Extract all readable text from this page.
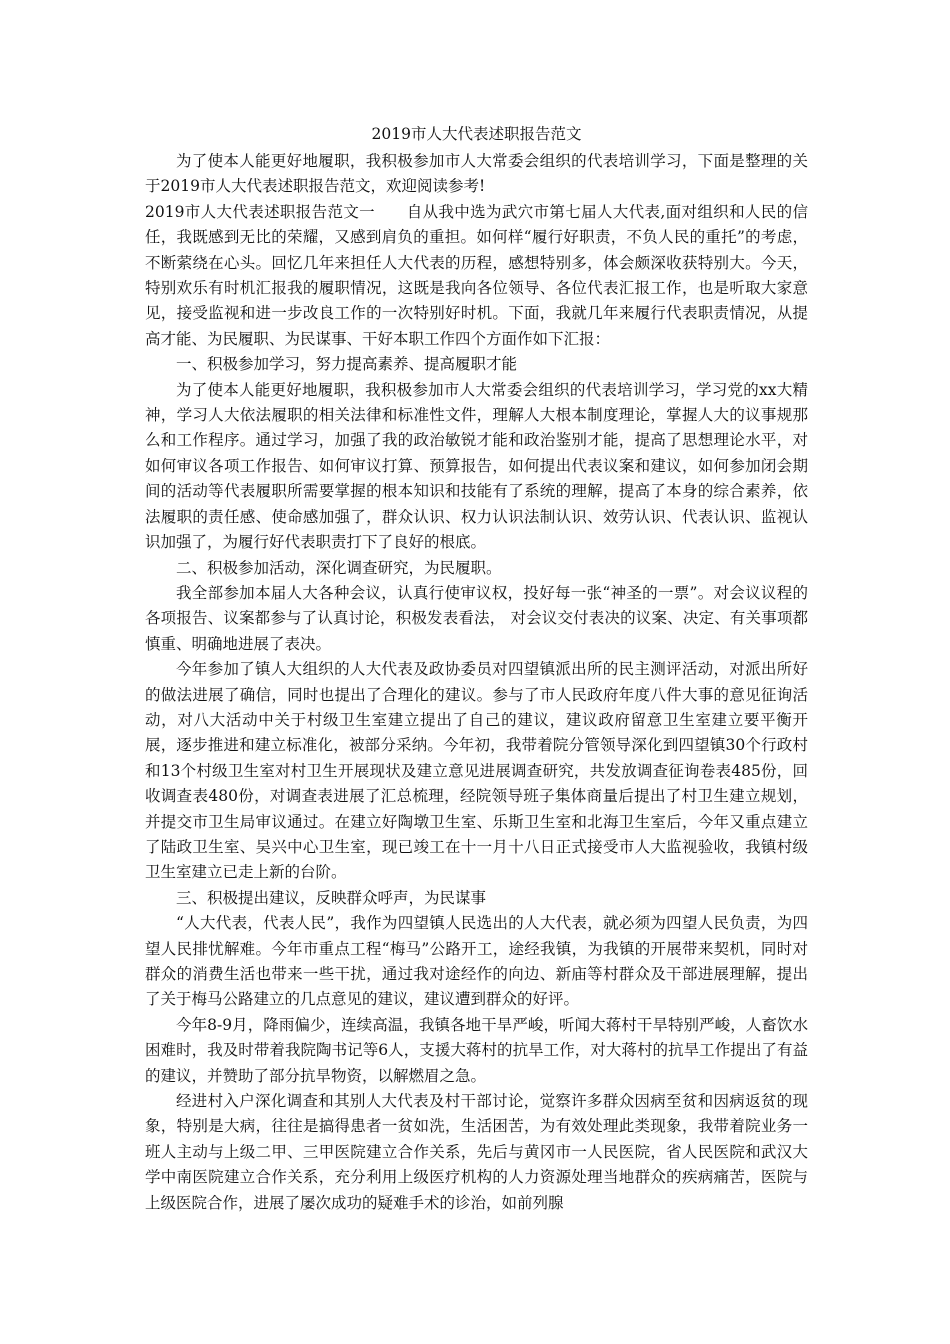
2019市人大代表述职报告范文

为了使本人能更好地履职，我积极参加市人大常委会组织的代表培训学习，下面是整理的关于2019市人大代表述职报告范文，欢迎阅读参考!

2019市人大代表述职报告范文一　　自从我中选为武穴市第七届人大代表,面对组织和人民的信任，我既感到无比的荣耀，又感到肩负的重担。如何样“履行好职责，不负人民的重托”的考虑，不断萦绕在心头。回忆几年来担任人大代表的历程，感想特别多，体会颇深收获特别大。今天，特别欢乐有时机汇报我的履职情况，这既是我向各位领导、各位代表汇报工作，也是听取大家意见，接受监视和进一步改良工作的一次特别好时机。下面，我就几年来履行代表职责情况，从提高才能、为民履职、为民谋事、干好本职工作四个方面作如下汇报：

一、积极参加学习，努力提高素养、提高履职才能

为了使本人能更好地履职，我积极参加市人大常委会组织的代表培训学习，学习党的xx大精神，学习人大依法履职的相关法律和标准性文件，理解人大根本制度理论，掌握人大的议事规那么和工作程序。通过学习，加强了我的政治敏锐才能和政治鉴别才能，提高了思想理论水平，对如何审议各项工作报告、如何审议打算、预算报告，如何提出代表议案和建议，如何参加闭会期间的活动等代表履职所需要掌握的根本知识和技能有了系统的理解，提高了本身的综合素养，依法履职的责任感、使命感加强了，群众认识、权力认识法制认识、效劳认识、代表认识、监视认识加强了，为履行好代表职责打下了良好的根底。

二、积极参加活动，深化调查研究，为民履职。

我全部参加本届人大各种会议，认真行使审议权，投好每一张“神圣的一票”。对会议议程的各项报告、议案都参与了认真讨论，积极发表看法， 对会议交付表决的议案、决定、有关事项都慎重、明确地进展了表决。

今年参加了镇人大组织的人大代表及政协委员对四望镇派出所的民主测评活动，对派出所好的做法进展了确信，同时也提出了合理化的建议。参与了市人民政府年度八件大事的意见征询活动，对八大活动中关于村级卫生室建立提出了自己的建议，建议政府留意卫生室建立要平衡开展，逐步推进和建立标准化，被部分采纳。今年初，我带着院分管领导深化到四望镇30个行政村和13个村级卫生室对村卫生开展现状及建立意见进展调查研究，共发放调查征询卷表485份，回收调查表480份，对调查表进展了汇总梳理，经院领导班子集体商量后提出了村卫生建立规划，并提交市卫生局审议通过。在建立好陶墩卫生室、乐斯卫生室和北海卫生室后，今年又重点建立了陆政卫生室、吴兴中心卫生室，现已竣工在十一月十八日正式接受市人大监视验收，我镇村级卫生室建立已走上新的台阶。

三、积极提出建议，反映群众呼声，为民谋事

“人大代表，代表人民”，我作为四望镇人民选出的人大代表，就必须为四望人民负责，为四望人民排忧解难。今年市重点工程“梅马”公路开工，途经我镇，为我镇的开展带来契机，同时对群众的消费生活也带来一些干扰，通过我对途经作的向边、新庙等村群众及干部进展理解，提出了关于梅马公路建立的几点意见的建议，建议遭到群众的好评。

今年8-9月，降雨偏少，连续高温，我镇各地干旱严峻，听闻大蒋村干旱特别严峻，人畜饮水困难时，我及时带着我院陶书记等6人，支援大蒋村的抗旱工作，对大蒋村的抗旱工作提出了有益的建议，并赞助了部分抗旱物资，以解燃眉之急。

经进村入户深化调查和其别人大代表及村干部讨论，觉察许多群众因病至贫和因病返贫的现象，特别是大病，往往是搞得患者一贫如洗，生活困苦，为有效处理此类现象，我带着院业务一班人主动与上级二甲、三甲医院建立合作关系，先后与黄冈市一人民医院，省人民医院和武汉大学中南医院建立合作关系，充分利用上级医疗机构的人力资源处理当地群众的疾病痛苦，医院与上级医院合作，进展了屡次成功的疑难手术的诊治，如前列腺
